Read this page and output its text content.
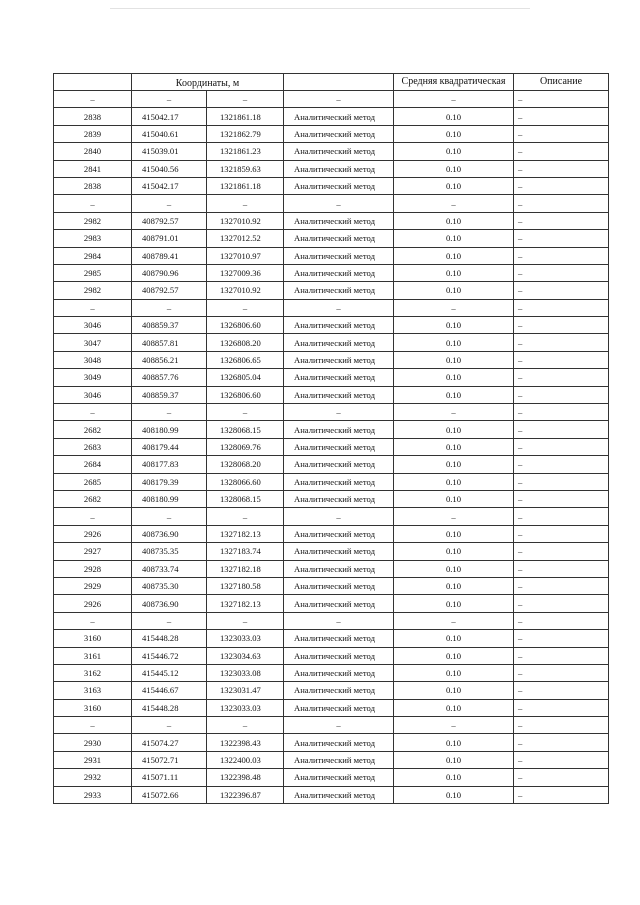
	Координаты, м			Средняя квадратическая	Описание
–	–	–	–	–	–
2838	415042.17	1321861.18	Аналитический метод	0.10	–
2839	415040.61	1321862.79	Аналитический метод	0.10	–
2840	415039.01	1321861.23	Аналитический метод	0.10	–
2841	415040.56	1321859.63	Аналитический метод	0.10	–
2838	415042.17	1321861.18	Аналитический метод	0.10	–
–	–	–	–	–	–
2982	408792.57	1327010.92	Аналитический метод	0.10	–
2983	408791.01	1327012.52	Аналитический метод	0.10	–
2984	408789.41	1327010.97	Аналитический метод	0.10	–
2985	408790.96	1327009.36	Аналитический метод	0.10	–
2982	408792.57	1327010.92	Аналитический метод	0.10	–
–	–	–	–	–	–
3046	408859.37	1326806.60	Аналитический метод	0.10	–
3047	408857.81	1326808.20	Аналитический метод	0.10	–
3048	408856.21	1326806.65	Аналитический метод	0.10	–
3049	408857.76	1326805.04	Аналитический метод	0.10	–
3046	408859.37	1326806.60	Аналитический метод	0.10	–
–	–	–	–	–	–
2682	408180.99	1328068.15	Аналитический метод	0.10	–
2683	408179.44	1328069.76	Аналитический метод	0.10	–
2684	408177.83	1328068.20	Аналитический метод	0.10	–
2685	408179.39	1328066.60	Аналитический метод	0.10	–
2682	408180.99	1328068.15	Аналитический метод	0.10	–
–	–	–	–	–	–
2926	408736.90	1327182.13	Аналитический метод	0.10	–
2927	408735.35	1327183.74	Аналитический метод	0.10	–
2928	408733.74	1327182.18	Аналитический метод	0.10	–
2929	408735.30	1327180.58	Аналитический метод	0.10	–
2926	408736.90	1327182.13	Аналитический метод	0.10	–
–	–	–	–	–	–
3160	415448.28	1323033.03	Аналитический метод	0.10	–
3161	415446.72	1323034.63	Аналитический метод	0.10	–
3162	415445.12	1323033.08	Аналитический метод	0.10	–
3163	415446.67	1323031.47	Аналитический метод	0.10	–
3160	415448.28	1323033.03	Аналитический метод	0.10	–
–	–	–	–	–	–
2930	415074.27	1322398.43	Аналитический метод	0.10	–
2931	415072.71	1322400.03	Аналитический метод	0.10	–
2932	415071.11	1322398.48	Аналитический метод	0.10	–
2933	415072.66	1322396.87	Аналитический метод	0.10	–
